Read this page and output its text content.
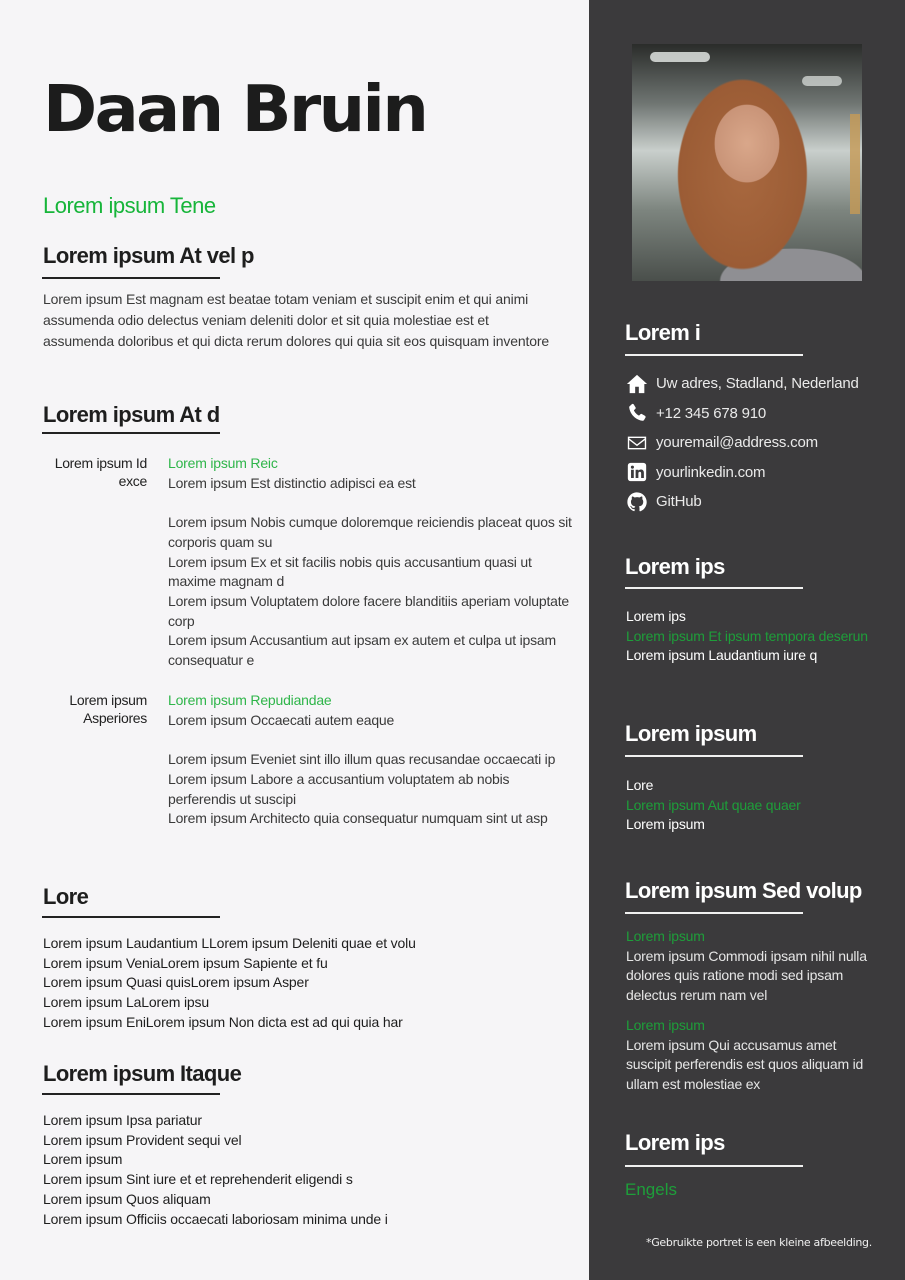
Daan Bruin
Lorem ipsum Tene
Lorem ipsum At vel p

Lorem ipsum Est magnam est beatae totam veniam et suscipit enim et qui animi assumenda odio delectus veniam deleniti dolor et sit quia molestiae est et assumenda doloribus et qui dicta rerum dolores qui quia sit eos quisquam inventore

Lorem ipsum At d
Lorem ipsum Id exce
Lorem ipsum Reic
Lorem ipsum Est distinctio adipisci ea est
Lorem ipsum Nobis cumque doloremque reiciendis placeat quos sit corporis quam su
Lorem ipsum Ex et sit facilis nobis quis accusantium quasi ut maxime magnam d
Lorem ipsum Voluptatem dolore facere blanditiis aperiam voluptate corp
Lorem ipsum Accusantium aut ipsam ex autem et culpa ut ipsam consequatur e
Lorem ipsum Asperiores
Lorem ipsum Repudiandae
Lorem ipsum Occaecati autem eaque
Lorem ipsum Eveniet sint illo illum quas recusandae occaecati ip
Lorem ipsum Labore a accusantium voluptatem ab nobis perferendis ut suscipi
Lorem ipsum Architecto quia consequatur numquam sint ut asp
Lore
Lorem ipsum Laudantium LLorem ipsum Deleniti quae et volu
Lorem ipsum VeniaLorem ipsum Sapiente et fu
Lorem ipsum Quasi quisLorem ipsum Asper
Lorem ipsum LaLorem ipsu
Lorem ipsum EniLorem ipsum Non dicta est ad qui quia har
Lorem ipsum Itaque
Lorem ipsum Ipsa pariatur
Lorem ipsum Provident sequi vel
Lorem ipsum
Lorem ipsum Sint iure et et reprehenderit eligendi s
Lorem ipsum Quos aliquam
Lorem ipsum Officiis occaecati laboriosam minima unde i
Lorem i
Uw adres, Stadland, Nederland
+12 345 678 910
youremail@address.com
yourlinkedin.com
GitHub
Lorem ips
Lorem ips
Lorem ipsum Et ipsum tempora deserun
Lorem ipsum Laudantium iure q
Lorem ipsum
Lore
Lorem ipsum Aut quae quaer
Lorem ipsum
Lorem ipsum Sed volup
Lorem ipsum
Lorem ipsum Commodi ipsam nihil nulla dolores quis ratione modi sed ipsam delectus rerum nam vel
Lorem ipsum
Lorem ipsum Qui accusamus amet suscipit perferendis est quos aliquam id ullam est molestiae ex
Lorem ips
Engels
*Gebruikte portret is een kleine afbeelding.
